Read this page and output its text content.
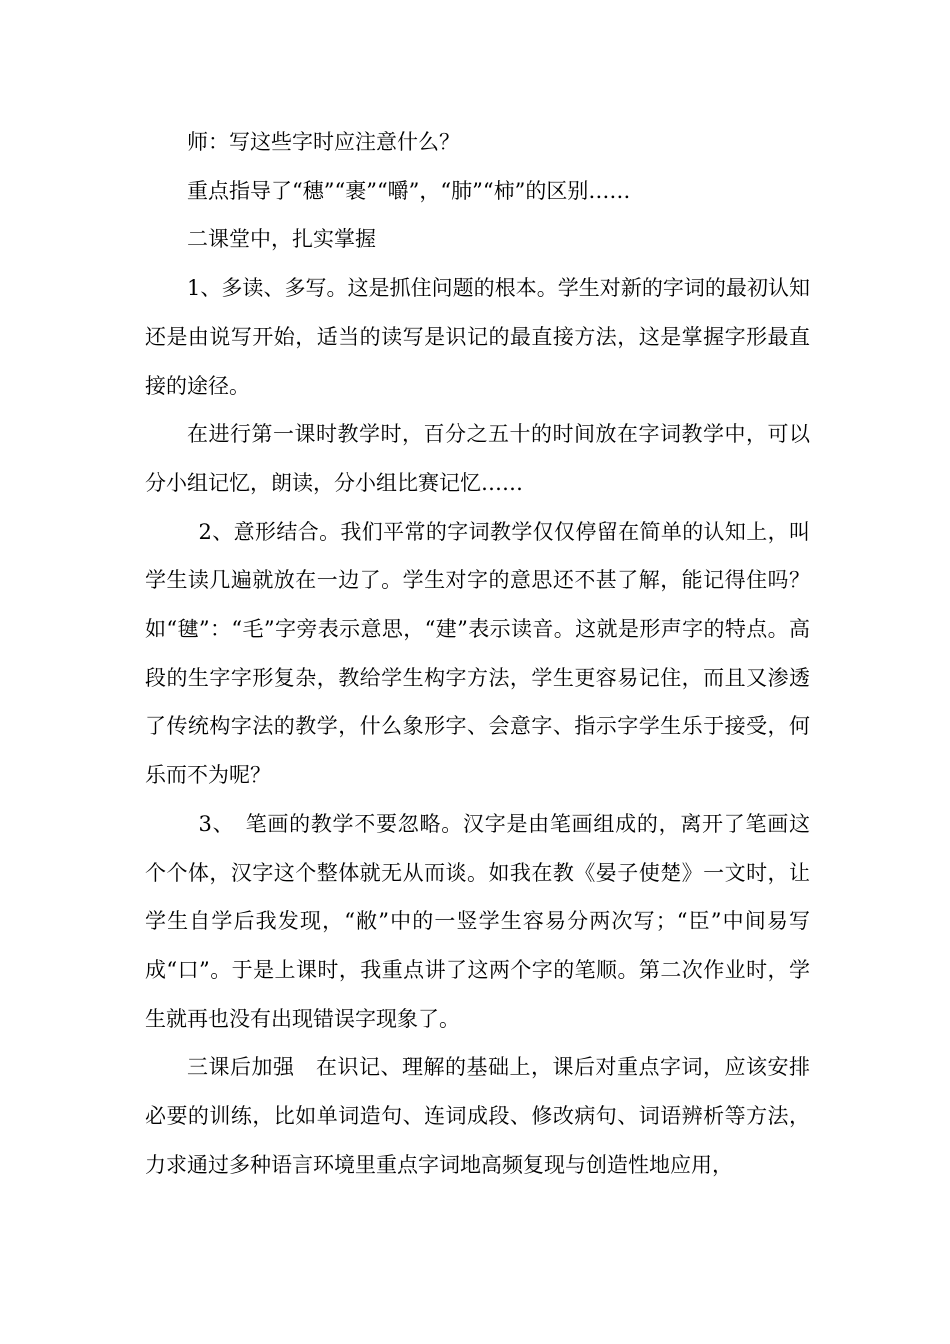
师：写这些字时应注意什么？

重点指导了“穗”“裹”“嚼”，“肺”“柿”的区别……

二课堂中，扎实掌握

1、多读、多写。这是抓住问题的根本。学生对新的字词的最初认知还是由说写开始，适当的读写是识记的最直接方法，这是掌握字形最直接的途径。

在进行第一课时教学时，百分之五十的时间放在字词教学中，可以分小组记忆，朗读，分小组比赛记忆……

2、意形结合。我们平常的字词教学仅仅停留在简单的认知上，叫学生读几遍就放在一边了。学生对字的意思还不甚了解，能记得住吗？如“毽”：“毛”字旁表示意思，“建”表示读音。这就是形声字的特点。高段的生字字形复杂，教给学生构字方法，学生更容易记住，而且又渗透了传统构字法的教学，什么象形字、会意字、指示字学生乐于接受，何乐而不为呢？

3、　笔画的教学不要忽略。汉字是由笔画组成的，离开了笔画这个个体，汉字这个整体就无从而谈。如我在教《晏子使楚》一文时，让学生自学后我发现，“敝”中的一竖学生容易分两次写；“臣”中间易写成“口”。于是上课时，我重点讲了这两个字的笔顺。第二次作业时，学生就再也没有出现错误字现象了。

三课后加强　在识记、理解的基础上，课后对重点字词，应该安排必要的训练，比如单词造句、连词成段、修改病句、词语辨析等方法，力求通过多种语言环境里重点字词地高频复现与创造性地应用，
